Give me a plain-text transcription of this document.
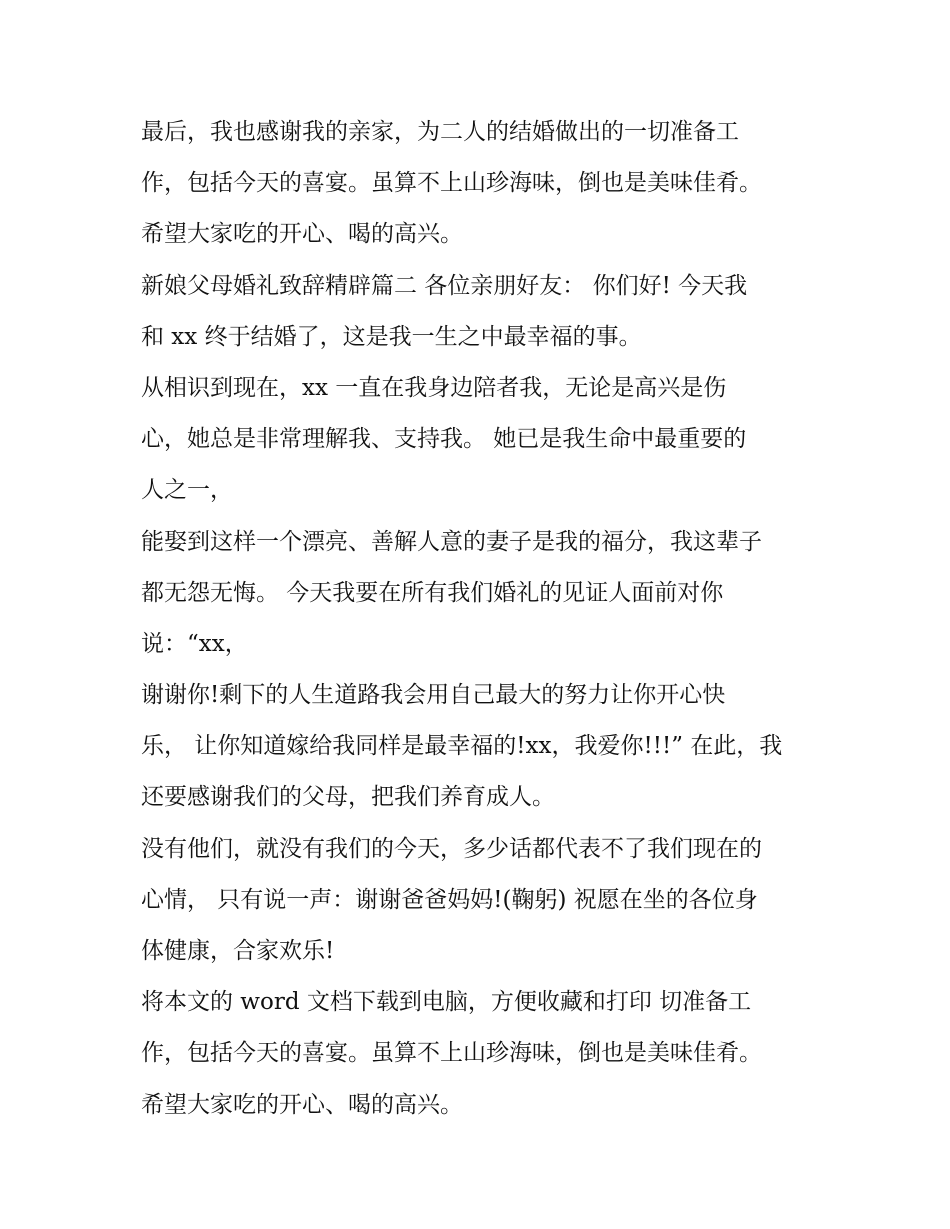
最后，我也感谢我的亲家，为二人的结婚做出的一切准备工

作，包括今天的喜宴。虽算不上山珍海味，倒也是美味佳肴。

希望大家吃的开心、喝的高兴。

新娘父母婚礼致辞精辟篇二 各位亲朋好友： 你们好! 今天我

和 xx 终于结婚了，这是我一生之中最幸福的事。

从相识到现在，xx 一直在我身边陪者我，无论是高兴是伤

心，她总是非常理解我、支持我。 她已是我生命中最重要的

人之一，

能娶到这样一个漂亮、善解人意的妻子是我的福分，我这辈子

都无怨无悔。 今天我要在所有我们婚礼的见证人面前对你

说：“xx，

谢谢你!剩下的人生道路我会用自己最大的努力让你开心快

乐， 让你知道嫁给我同样是最幸福的!xx，我爱你!!!” 在此，我

还要感谢我们的父母，把我们养育成人。

没有他们，就没有我们的今天，多少话都代表不了我们现在的

心情， 只有说一声：谢谢爸爸妈妈!(鞠躬) 祝愿在坐的各位身

体健康，合家欢乐!

将本文的 word 文档下载到电脑，方便收藏和打印 切准备工

作，包括今天的喜宴。虽算不上山珍海味，倒也是美味佳肴。

希望大家吃的开心、喝的高兴。
